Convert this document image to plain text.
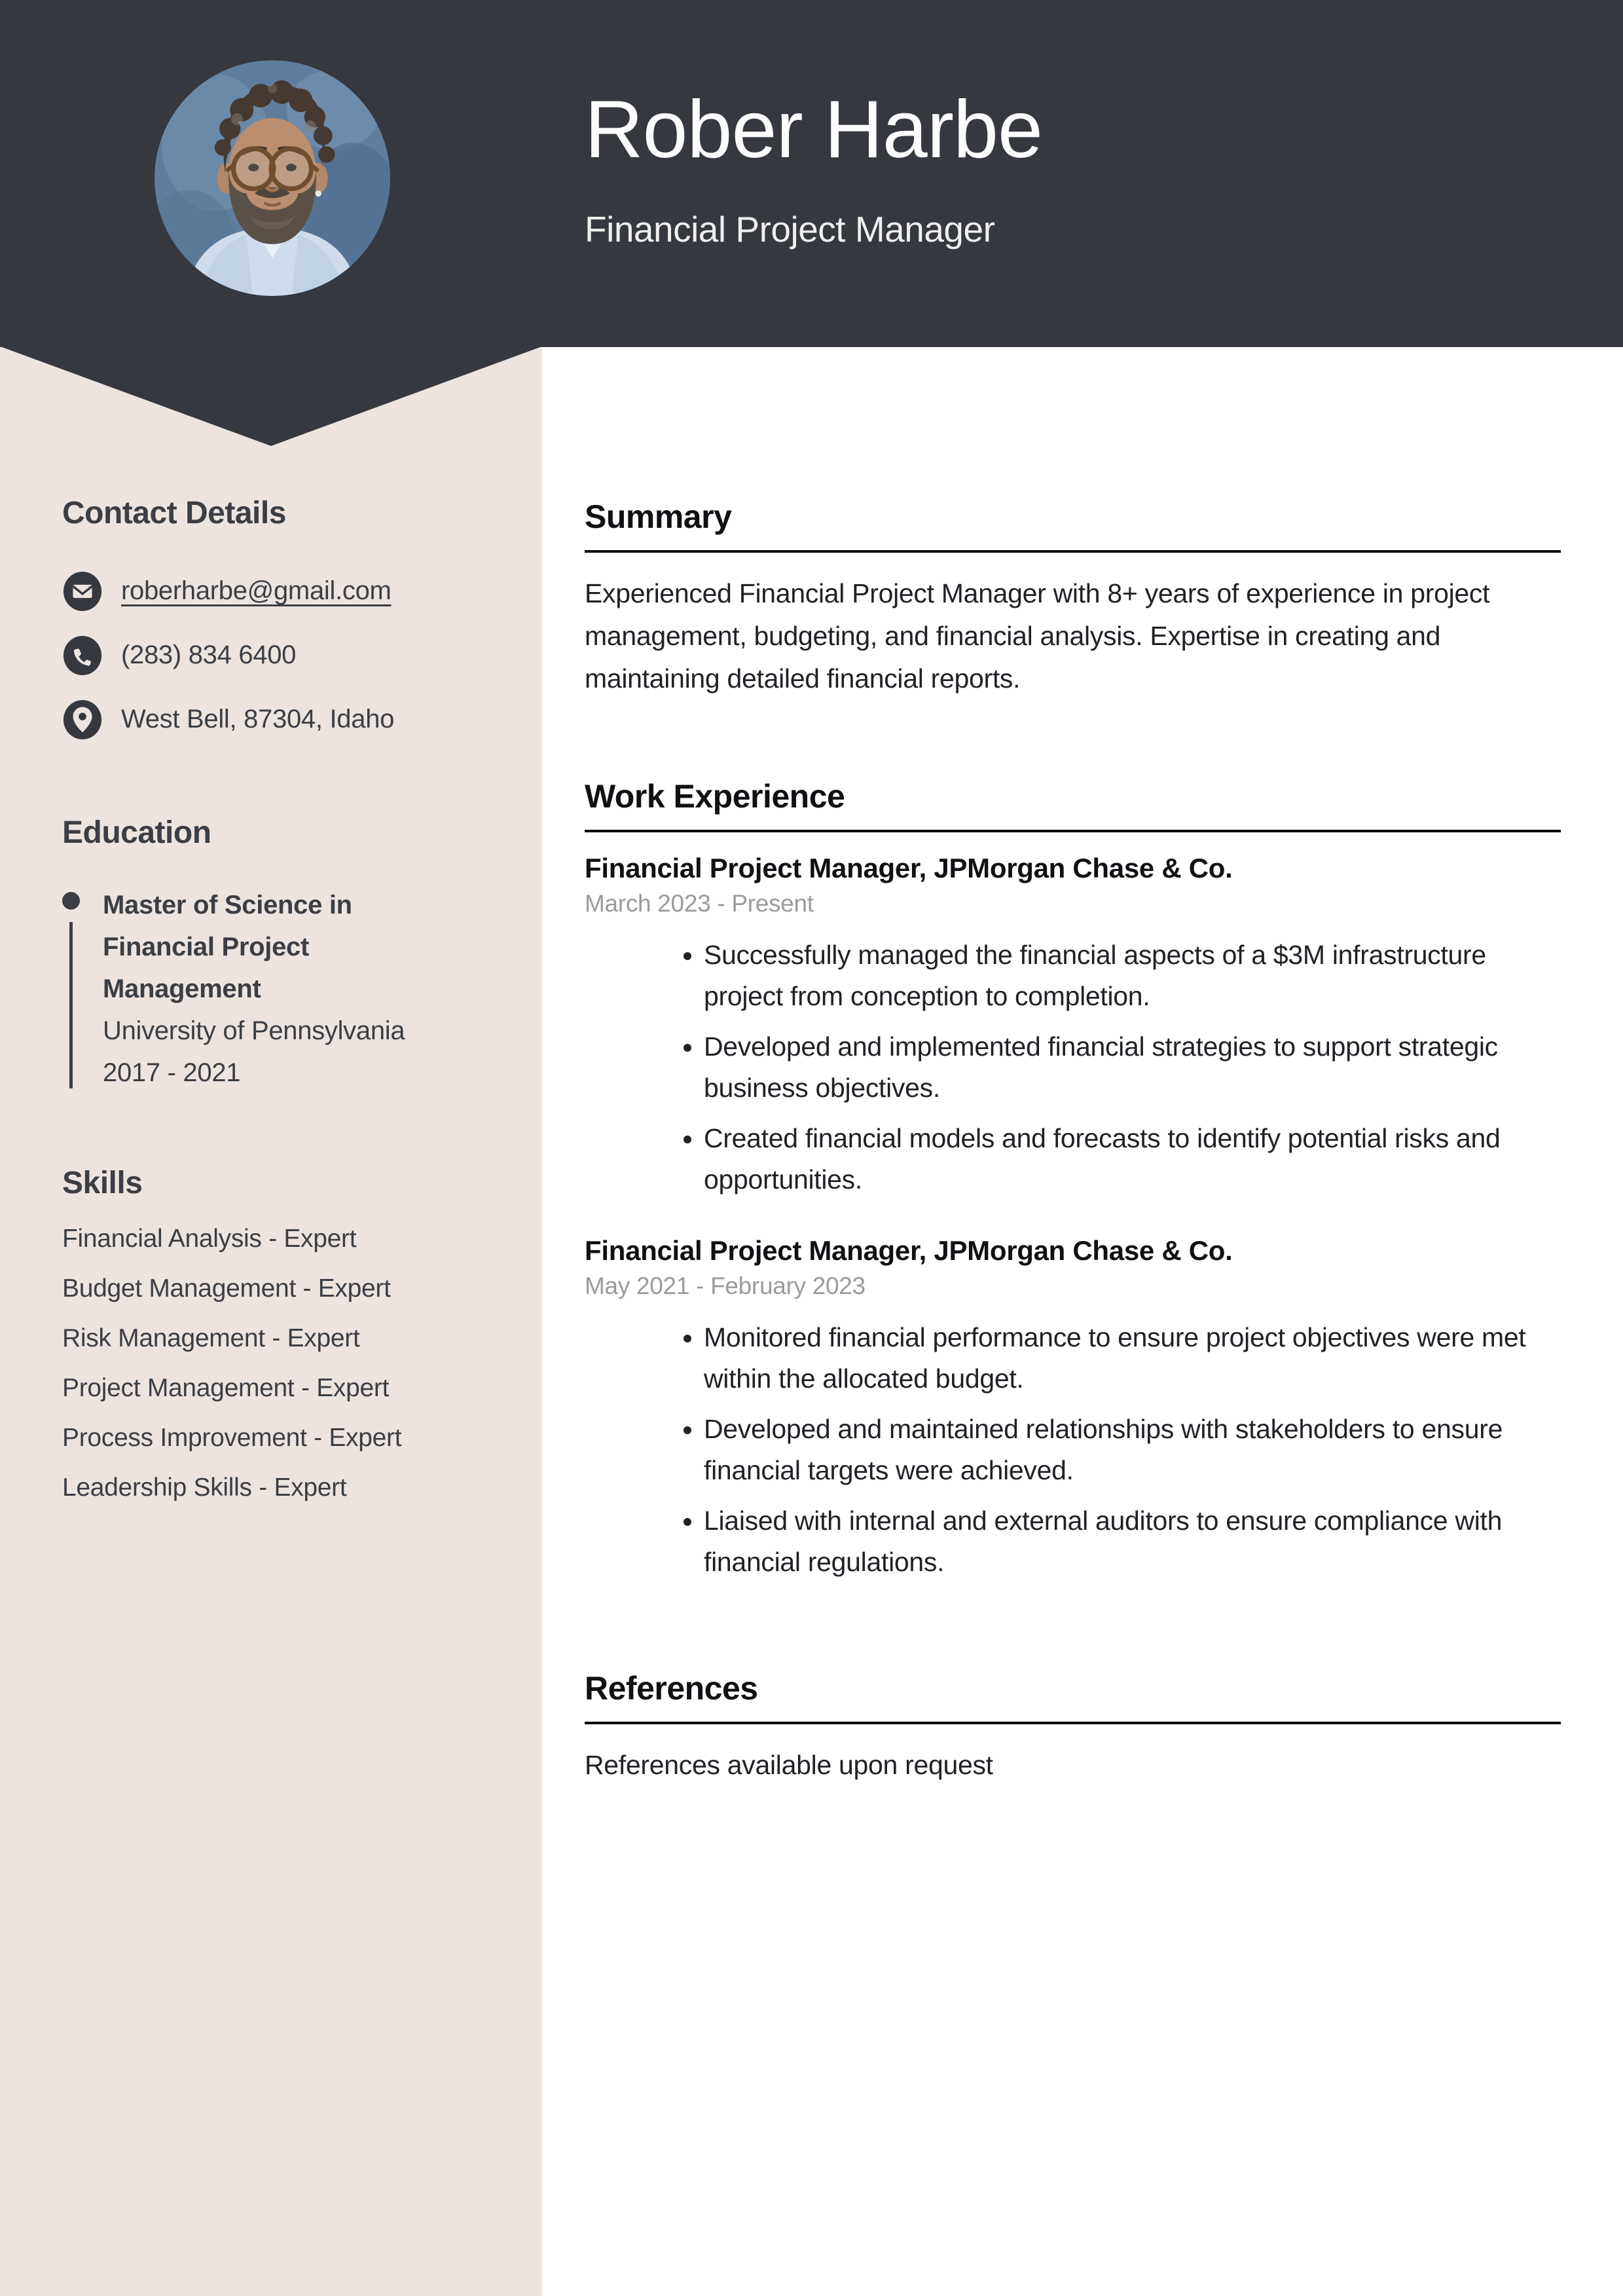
Rober Harbe
Financial Project Manager
Contact Details
roberharbe@gmail.com
(283) 834 6400
West Bell, 87304, Idaho
Education
Master of Science in Financial Project Management
University of Pennsylvania
2017 - 2021
Skills
Financial Analysis - Expert
Budget Management - Expert
Risk Management - Expert
Project Management - Expert
Process Improvement - Expert
Leadership Skills - Expert
Summary

Experienced Financial Project Manager with 8+ years of experience in project management, budgeting, and financial analysis. Expertise in creating and maintaining detailed financial reports.

Work Experience
Financial Project Manager, JPMorgan Chase & Co.
March 2023 - Present
• Successfully managed the financial aspects of a $3M infrastructure project from conception to completion.
• Developed and implemented financial strategies to support strategic business objectives.
• Created financial models and forecasts to identify potential risks and opportunities.
Financial Project Manager, JPMorgan Chase & Co.
May 2021 - February 2023
• Monitored financial performance to ensure project objectives were met within the allocated budget.
• Developed and maintained relationships with stakeholders to ensure financial targets were achieved.
• Liaised with internal and external auditors to ensure compliance with financial regulations.
References

References available upon request
